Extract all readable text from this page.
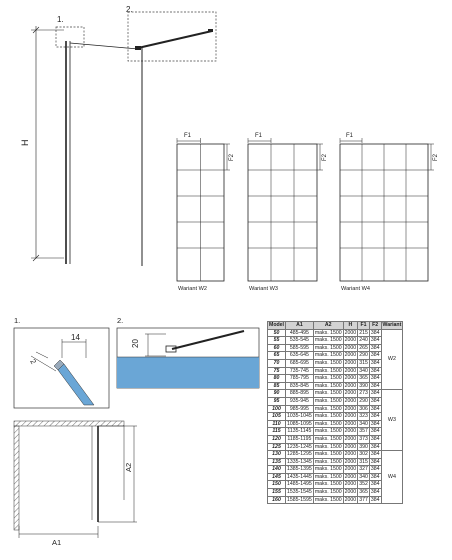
1.
2.
H
F1
F2
Wariant W2
F1
F2
Wariant W3
F1
F2
Wariant W4
1.
14
2
2.
20
A2
A1
Model	A1	A2	H	F1	F2	Wariant
50	485-495	maks. 1500	2000	215	384	W2
55	535-545	maks. 1500	2000	240	384	
60	585-595	maks. 1500	2000	265	384	
65	635-645	maks. 1500	2000	290	384	
70	685-695	maks. 1500	2000	315	384	
75	735-745	maks. 1500	2000	340	384	
80	785-795	maks. 1500	2000	365	384	
85	835-845	maks. 1500	2000	390	384	
90	885-895	maks. 1500	2000	273	384	W3
95	935-945	maks. 1500	2000	290	384	
100	985-995	maks. 1500	2000	306	384	
105	1035-1045	maks. 1500	2000	323	384	
110	1085-1095	maks. 1500	2000	340	384	
115	1135-1145	maks. 1500	2000	357	384	
120	1185-1195	maks. 1500	2000	373	384	
125	1235-1245	maks. 1500	2000	390	384	
130	1285-1295	maks. 1500	2000	302	384	W4
135	1335-1345	maks. 1500	2000	315	384	
140	1385-1395	maks. 1500	2000	327	384	
145	1435-1445	maks. 1500	2000	340	384	
150	1485-1495	maks. 1500	2000	352	384	
155	1535-1545	maks. 1500	2000	365	384	
160	1585-1595	maks. 1500	2000	377	384	
